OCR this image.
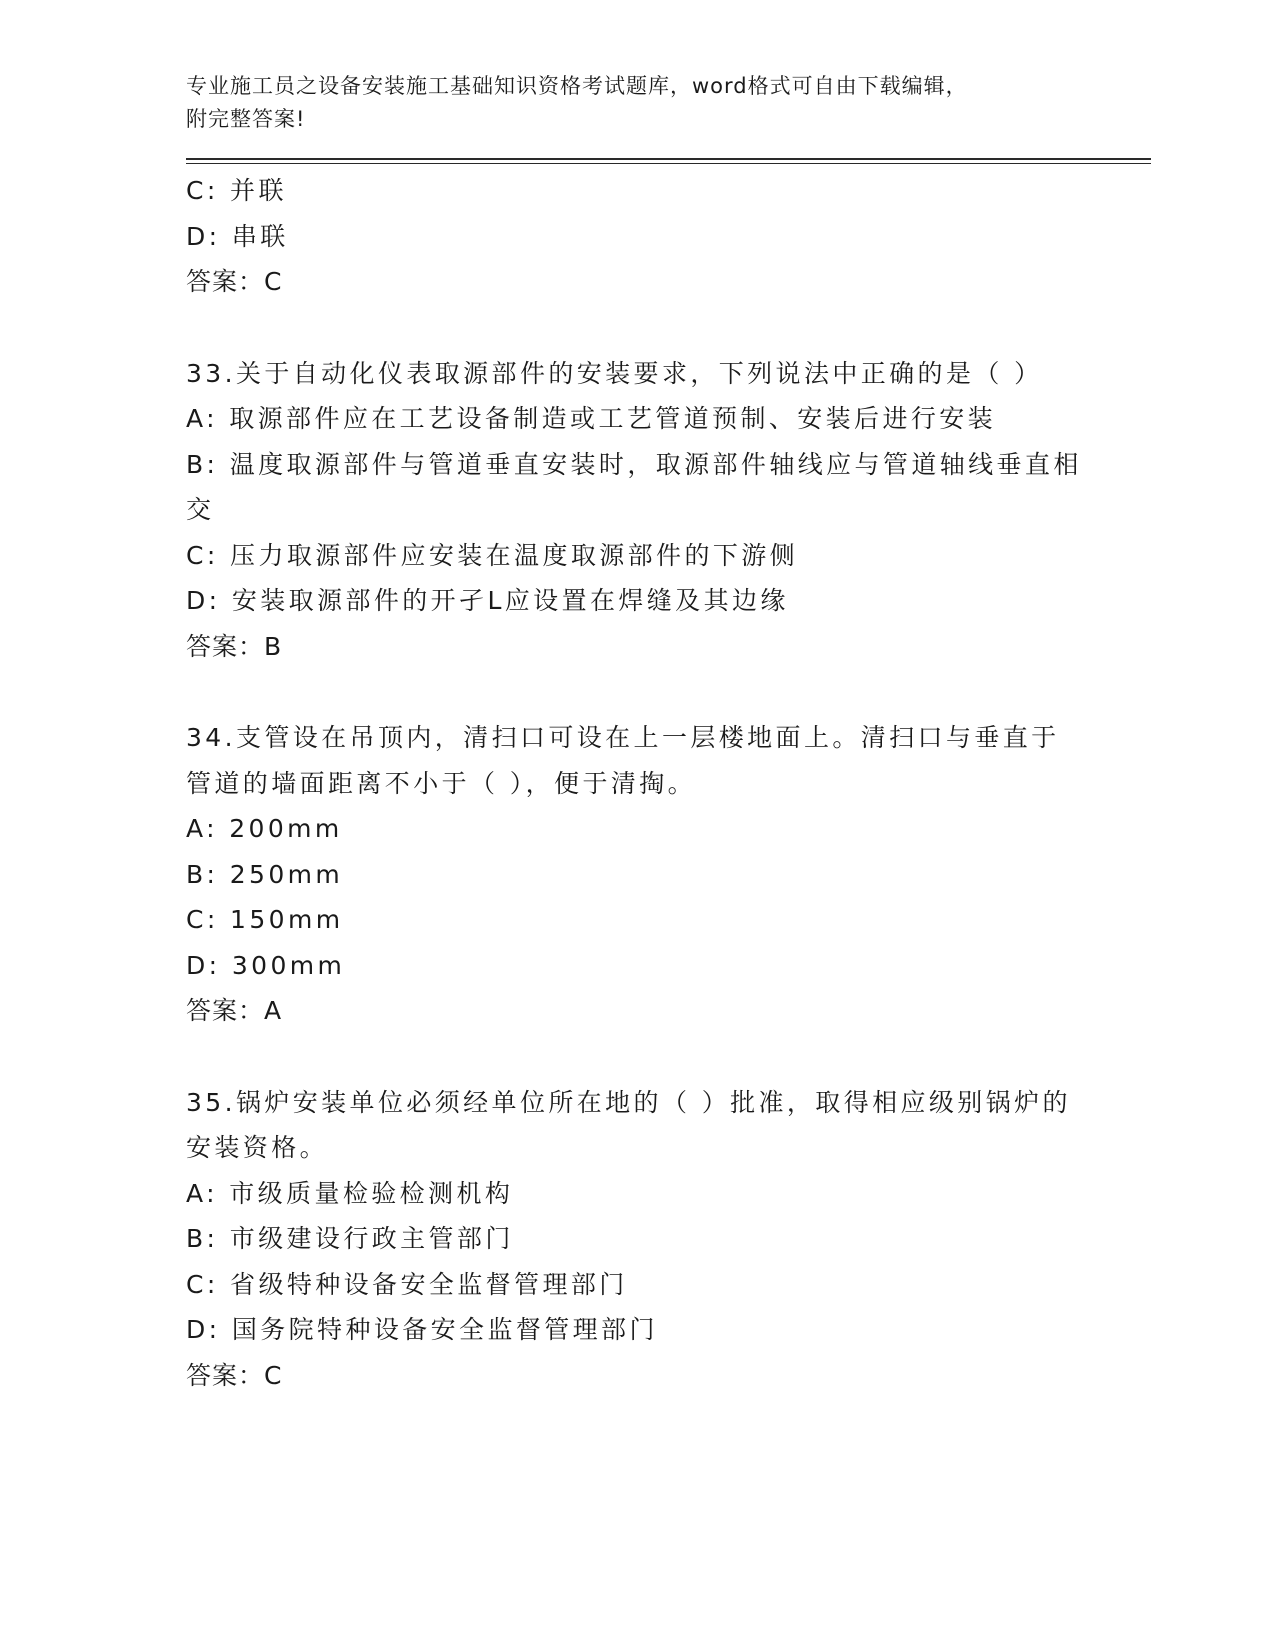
专业施工员之设备安装施工基础知识资格考试题库，word格式可自由下载编辑，
附完整答案!
C: 并联
D: 串联
答案：C
33.关于自动化仪表取源部件的安装要求，下列说法中正确的是（ ）
A: 取源部件应在工艺设备制造或工艺管道预制、安装后进行安装
B: 温度取源部件与管道垂直安装时，取源部件轴线应与管道轴线垂直相交
C: 压力取源部件应安装在温度取源部件的下游侧
D: 安装取源部件的开孑L应设置在焊缝及其边缘
答案：B
34.支管设在吊顶内，清扫口可设在上一层楼地面上。清扫口与垂直于管道的墙面距离不小于（ ），便于清掏。
A: 200mm
B: 250mm
C: 150mm
D: 300mm
答案：A
35.锅炉安装单位必须经单位所在地的（ ）批准，取得相应级别锅炉的安装资格。
A: 市级质量检验检测机构
B: 市级建设行政主管部门
C: 省级特种设备安全监督管理部门
D: 国务院特种设备安全监督管理部门
答案：C
